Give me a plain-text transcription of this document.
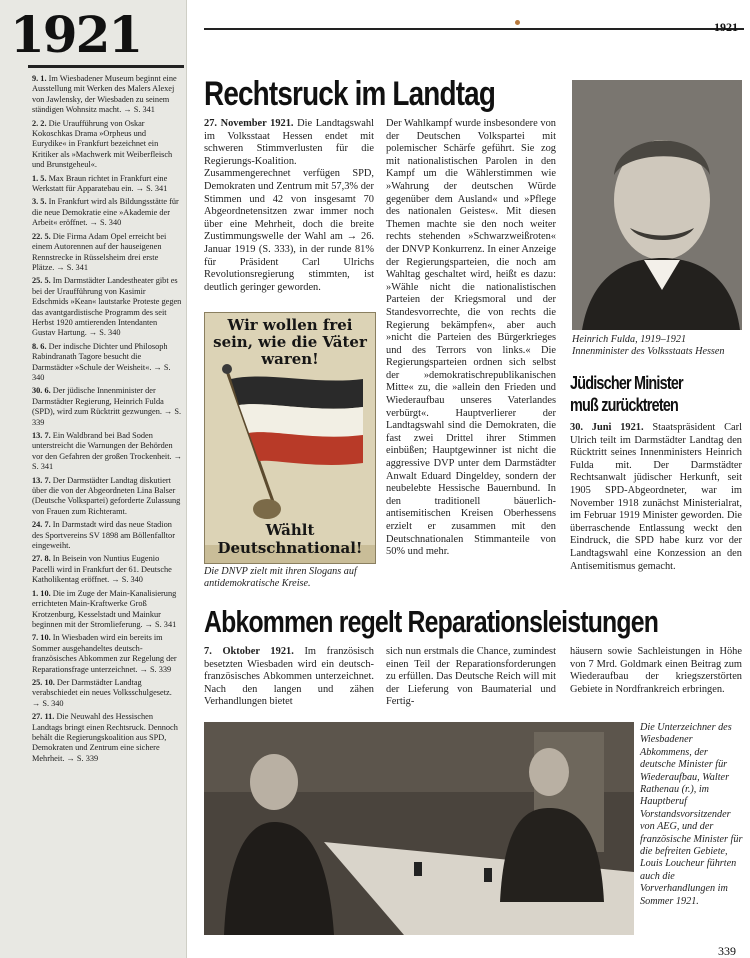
1921
9. 1. Im Wiesbadener Museum beginnt eine Ausstellung mit Werken des Malers Alexej von Jawlensky, der Wiesbaden zu seinem ständigen Wohnsitz macht. → S. 341
2. 2. Die Uraufführung von Oskar Kokoschkas Drama »Orpheus und Eurydike« in Frankfurt bezeichnet ein Kritiker als »Machwerk mit Weiberfleisch und Brunstgeheul«.
1. 5. Max Braun richtet in Frankfurt eine Werkstatt für Apparatebau ein. → S. 341
3. 5. In Frankfurt wird als Bildungsstätte für die neue Demokratie eine »Akademie der Arbeit« eröffnet. → S. 340
22. 5. Die Firma Adam Opel erreicht bei einem Autorennen auf der hauseigenen Rennstrecke in Rüsselsheim drei erste Plätze. → S. 341
25. 5. Im Darmstädter Landestheater gibt es bei der Uraufführung von Kasimir Edschmids »Kean« lautstarke Proteste gegen das avantgardistische Programm des seit Herbst 1920 amtierenden Intendanten Gustav Hartung. → S. 340
8. 6. Der indische Dichter und Philosoph Rabindranath Tagore besucht die Darmstädter »Schule der Weisheit«. → S. 340
30. 6. Der jüdische Innenminister der Darmstädter Regierung, Heinrich Fulda (SPD), wird zum Rücktritt gezwungen. → S. 339
13. 7. Ein Waldbrand bei Bad Soden unterstreicht die Warnungen der Behörden vor den Gefahren der großen Trockenheit. → S. 341
13. 7. Der Darmstädter Landtag diskutiert über die von der Abgeordneten Lina Balser (Deutsche Volkspartei) geforderte Zulassung von Frauen zum Richteramt.
24. 7. In Darmstadt wird das neue Stadion des Sportvereins SV 1898 am Böllenfalltor eingeweiht.
27. 8. In Beisein von Nuntius Eugenio Pacelli wird in Frankfurt der 61. Deutsche Katholikentag eröffnet. → S. 340
1. 10. Die im Zuge der Main-Kanalisierung errichteten Main-Kraftwerke Groß Krotzenburg, Kesselstadt und Mainkur beginnen mit der Stromlieferung. → S. 341
7. 10. In Wiesbaden wird ein bereits im Sommer ausgehandeltes deutsch-französisches Abkommen zur Regelung der Reparationsfrage unterzeichnet. → S. 339
25. 10. Der Darmstädter Landtag verabschiedet ein neues Volksschulgesetz. → S. 340
27. 11. Die Neuwahl des Hessischen Landtags bringt einen Rechtsruck. Dennoch behält die Regierungskoalition aus SPD, Demokraten und Zentrum eine sichere Mehrheit. → S. 339
1921
Rechtsruck im Landtag

27. November 1921. Die Landtagswahl im Volksstaat Hessen endet mit schweren Stimmverlusten für die Regierungs-Koalition. Zusammengerechnet verfügen SPD, Demokraten und Zentrum mit 57,3% der Stimmen und 42 von insgesamt 70 Abgeordnetensitzen zwar immer noch über eine Mehrheit, doch die breite Zustimmungswelle der Wahl am → 26. Januar 1919 (S. 333), in der runde 81% für Präsident Carl Ulrichs Revolutionsregierung stimmten, ist deutlich geringer geworden.

Der Wahlkampf wurde insbesondere von der Deutschen Volkspartei mit polemischer Schärfe geführt. Sie zog mit nationalistischen Parolen in den Kampf um die Wählerstimmen wie »Wahrung der deutschen Würde gegenüber dem Ausland« und »Pflege des nationalen Geistes«. Mit diesen Themen machte sie den noch weiter rechts stehenden »Schwarzweißroten« der DNVP Konkurrenz. In einer Anzeige der Regierungsparteien, die noch am Wahltag geschaltet wird, heißt es dazu: »Wähle nicht die nationalistischen Parteien der Kriegsmoral und der Standesvorrechte, die von rechts die Regierung bekämpfen«, aber auch »nicht die Parteien des Bürgerkrieges und des Terrors von links.« Die Regierungsparteien ordnen sich selbst der »demokratischrepublikanischen Mitte« zu, die »allein den Frieden und Wiederaufbau unseres Vaterlandes verbürgt«. Hauptverlierer der Landtagswahl sind die Demokraten, die fast zwei Drittel ihrer Stimmen einbüßen; Hauptgewinner ist nicht die aggressive DVP unter dem Darmstädter Anwalt Eduard Dingeldey, sondern der neubelebte Hessische Bauernbund. In den traditionell bäuerlich-antisemitischen Kreisen Oberhessens erzielt er zusammen mit den Deutschnationalen Stimmanteile von 50% und mehr.

Wir wollen frei sein, wie die Väter waren!
Wählt Deutschnational!

Die DNVP zielt mit ihren Slogans auf antidemokratische Kreise.

Heinrich Fulda, 1919–1921 Innenminister des Volksstaats Hessen

Jüdischer Minister muß zurücktreten

30. Juni 1921. Staatspräsident Carl Ulrich teilt im Darmstädter Landtag den Rücktritt seines Innenministers Heinrich Fulda mit. Der Darmstädter Rechtsanwalt jüdischer Herkunft, seit 1905 SPD-Abgeordneter, war im November 1918 zunächst Ministerialrat, im Februar 1919 Minister geworden. Die überraschende Entlassung weckt den Eindruck, die SPD habe kurz vor der Landtagswahl eine Konzession an den Antisemitismus gemacht.

Abkommen regelt Reparationsleistungen

7. Oktober 1921. Im französisch besetzten Wiesbaden wird ein deutsch-französisches Abkommen unterzeichnet. Nach den langen und zähen Verhandlungen bietet

sich nun erstmals die Chance, zumindest einen Teil der Reparationsforderungen zu erfüllen. Das Deutsche Reich will mit der Lieferung von Baumaterial und Fertig-

häusern sowie Sachleistungen in Höhe von 7 Mrd. Goldmark einen Beitrag zum Wiederaufbau der kriegszerstörten Gebiete in Nordfrankreich erbringen.

Die Unterzeichner des Wiesbadener Abkommens, der deutsche Minister für Wiederaufbau, Walter Rathenau (r.), im Hauptberuf Vorstandsvorsitzender von AEG, und der französische Minister für die befreiten Gebiete, Louis Loucheur führten auch die Vorverhandlungen im Sommer 1921.

339
